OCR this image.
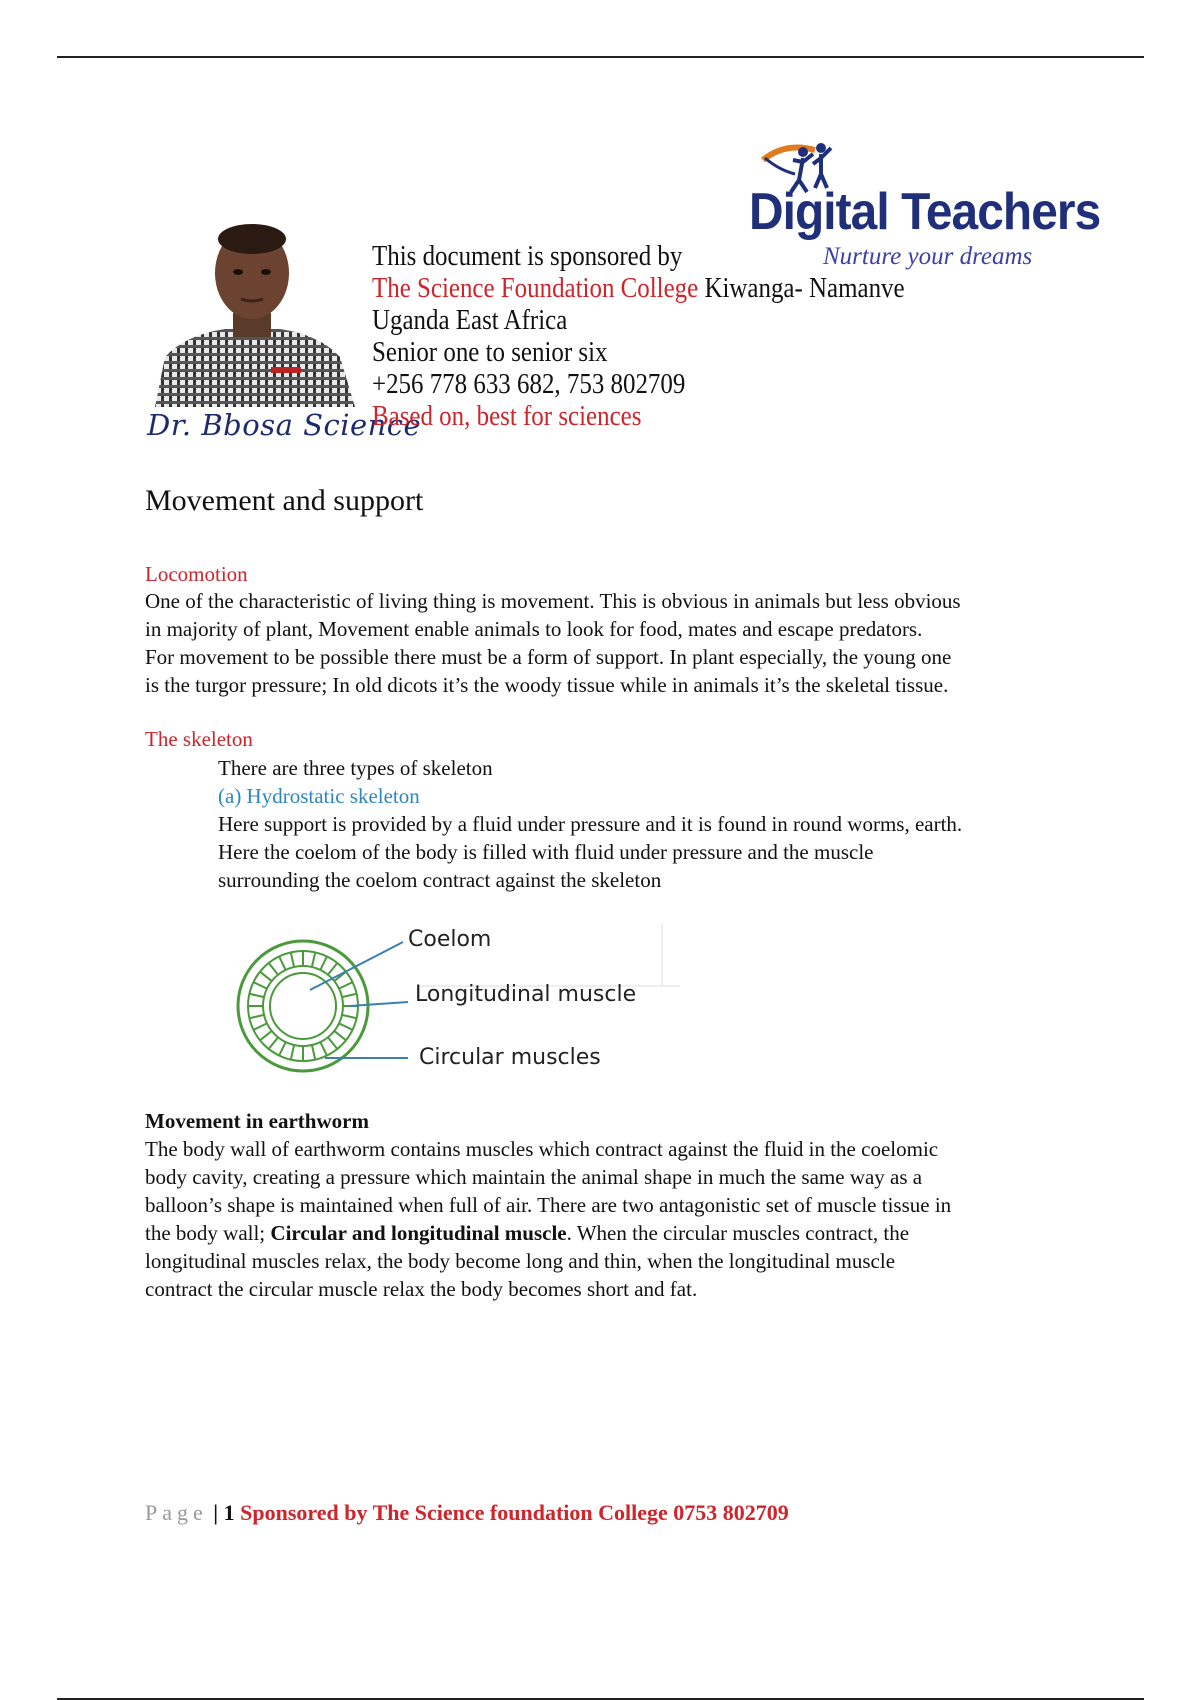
Dr. Bbosa Science
Digital Teachers
Nurture your dreams
This document is sponsored by
The Science Foundation College Kiwanga- Namanve
Uganda East Africa
Senior one to senior six
+256 778 633 682, 753 802709
Based on, best for sciences
Movement and support
Locomotion
One of the characteristic of living thing is movement. This is obvious in animals but less obvious
in majority of plant, Movement enable animals to look for food, mates and escape predators.
For movement to be possible there must be a form of support. In plant especially, the young one
is the turgor pressure; In old dicots it’s the woody tissue while in animals it’s the skeletal tissue.
The skeleton
There are three types of skeleton
(a) Hydrostatic skeleton
Here support is provided by a fluid under pressure and it is found in round worms, earth.
Here the coelom of the body is filled with fluid under pressure and the muscle
surrounding the coelom contract against the skeleton
Coelom
Longitudinal muscle
Circular muscles
Movement in earthworm
The body wall of earthworm contains muscles which contract against the fluid in the coelomic
body cavity, creating a pressure which maintain the animal shape in much the same way as a
balloon’s shape is maintained when full of air. There are two antagonistic set of muscle tissue in
the body wall; Circular and longitudinal muscle. When the circular muscles contract, the
longitudinal muscles relax, the body become long and thin, when the longitudinal muscle
contract the circular muscle relax the body becomes short and fat.
Page | 1 Sponsored by The Science foundation College 0753 802709
